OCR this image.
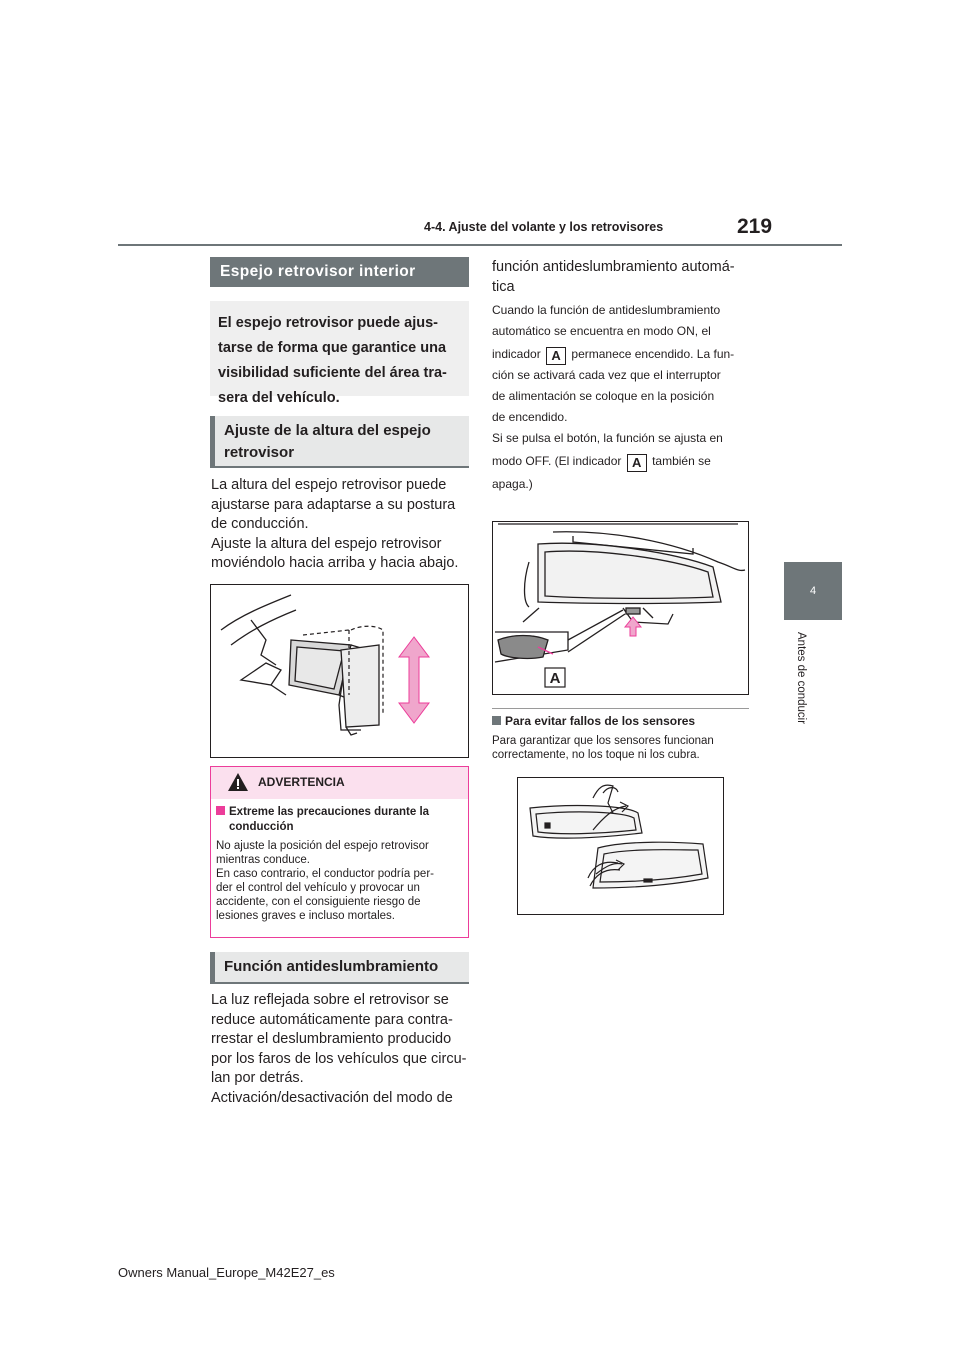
4-4. Ajuste del volante y los retrovisores	219
4
Antes de conducir
Espejo retrovisor interior
El espejo retrovisor puede ajus-
tarse de forma que garantice una
visibilidad suficiente del área tra-
sera del vehículo.
Ajuste de la altura del espejo
retrovisor
La altura del espejo retrovisor puede
ajustarse para adaptarse a su postura
de conducción.
Ajuste la altura del espejo retrovisor
moviéndolo hacia arriba y hacia abajo.
ADVERTENCIA
Extreme las precauciones durante la
conducción
No ajuste la posición del espejo retrovisor
mientras conduce.
En caso contrario, el conductor podría per-
der el control del vehículo y provocar un
accidente, con el consiguiente riesgo de
lesiones graves e incluso mortales.
Función antideslumbramiento
La luz reflejada sobre el retrovisor se
reduce automáticamente para contra-
rrestar el deslumbramiento producido
por los faros de los vehículos que circu-
lan por detrás.
Activación/desactivación del modo de
función antideslumbramiento automá-
tica
Cuando la función de antideslumbramiento
automático se encuentra en modo ON, el
indicador A permanece encendido. La fun-
ción se activará cada vez que el interruptor
de alimentación se coloque en la posición
de encendido.
Si se pulsa el botón, la función se ajusta en
modo OFF. (El indicador A también se
apaga.)
A
Para evitar fallos de los sensores
Para garantizar que los sensores funcionan
correctamente, no los toque ni los cubra.
Owners Manual_Europe_M42E27_es
